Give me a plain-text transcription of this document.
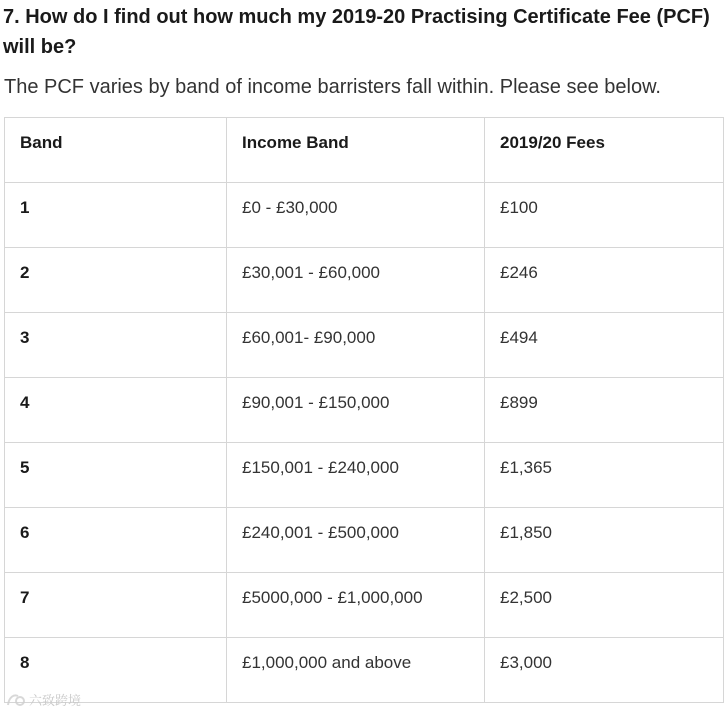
7. How do I find out how much my 2019-20 Practising Certificate Fee (PCF) will be?

The PCF varies by band of income barristers fall within. Please see below.

Band	Income Band	2019/20 Fees
1	£0 - £30,000	£100
2	£30,001 - £60,000	£246
3	£60,001- £90,000	£494
4	£90,001 - £150,000	£899
5	£150,001 - £240,000	£1,365
6	£240,001 - £500,000	£1,850
7	£5000,000 - £1,000,000	£2,500
8	£1,000,000 and above	£3,000
六致跨境
